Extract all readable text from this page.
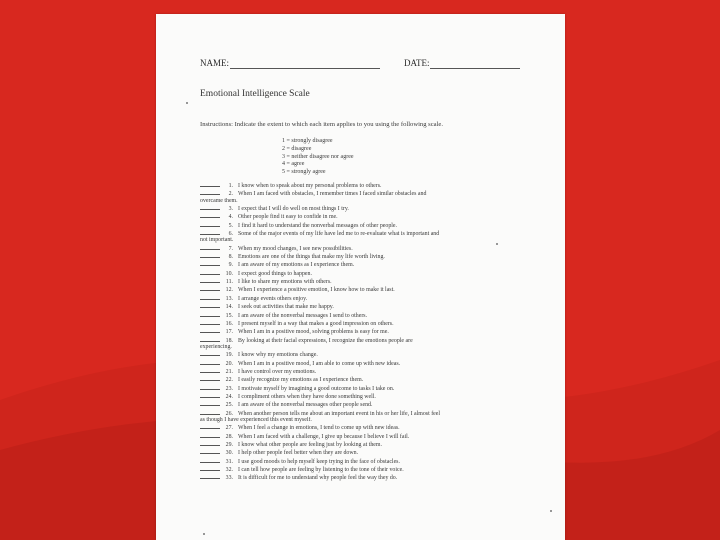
NAME:	DATE:
Emotional Intelligence Scale
Instructions: Indicate the extent to which each item applies to you using the following scale.
1 = strongly disagree
2 = disagree
3 = neither disagree nor agree
4 = agree
5 = strongly agree
1. I know when to speak about my personal problems to others.
2. When I am faced with obstacles, I remember times I faced similar obstacles and
overcame them.
3. I expect that I will do well on most things I try.
4. Other people find it easy to confide in me.
5. I find it hard to understand the nonverbal messages of other people.
6. Some of the major events of my life have led me to re-evaluate what is important and
not important.
7. When my mood changes, I see new possibilities.
8. Emotions are one of the things that make my life worth living.
9. I am aware of my emotions as I experience them.
10. I expect good things to happen.
11. I like to share my emotions with others.
12. When I experience a positive emotion, I know how to make it last.
13. I arrange events others enjoy.
14. I seek out activities that make me happy.
15. I am aware of the nonverbal messages I send to others.
16. I present myself in a way that makes a good impression on others.
17. When I am in a positive mood, solving problems is easy for me.
18. By looking at their facial expressions, I recognize the emotions people are
experiencing.
19. I know why my emotions change.
20. When I am in a positive mood, I am able to come up with new ideas.
21. I have control over my emotions.
22. I easily recognize my emotions as I experience them.
23. I motivate myself by imagining a good outcome to tasks I take on.
24. I compliment others when they have done something well.
25. I am aware of the nonverbal messages other people send.
26. When another person tells me about an important event in his or her life, I almost feel
as though I have experienced this event myself.
27. When I feel a change in emotions, I tend to come up with new ideas.
28. When I am faced with a challenge, I give up because I believe I will fail.
29. I know what other people are feeling just by looking at them.
30. I help other people feel better when they are down.
31. I use good moods to help myself keep trying in the face of obstacles.
32. I can tell how people are feeling by listening to the tone of their voice.
33. It is difficult for me to understand why people feel the way they do.
